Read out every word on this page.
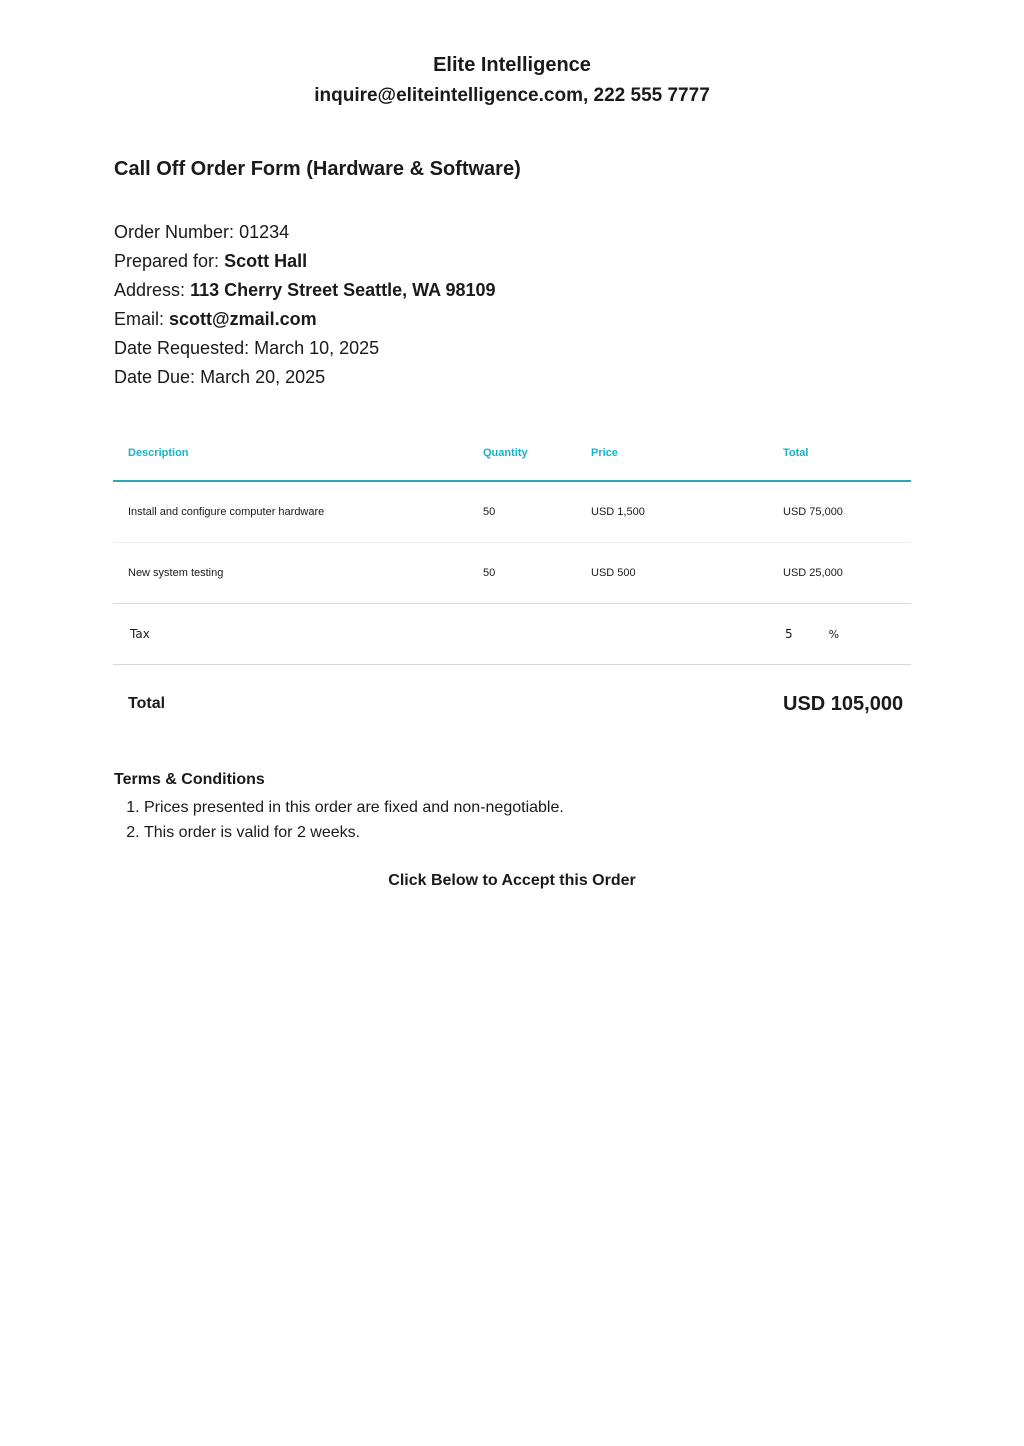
Elite Intelligence
inquire@eliteintelligence.com, 222 555 7777
Call Off Order Form (Hardware & Software)
Order Number: 01234
Prepared for: Scott Hall
Address: 113 Cherry Street Seattle, WA 98109
Email: scott@zmail.com
Date Requested: March 10, 2025
Date Due: March 20, 2025
Description	Quantity	Price	Total
Install and configure computer hardware	50	USD 1,500	USD 75,000
New system testing	50	USD 500	USD 25,000
Tax			5 %
Total			USD 105,000
Terms & Conditions
1. Prices presented in this order are fixed and non-negotiable.
2. This order is valid for 2 weeks.
Click Below to Accept this Order
